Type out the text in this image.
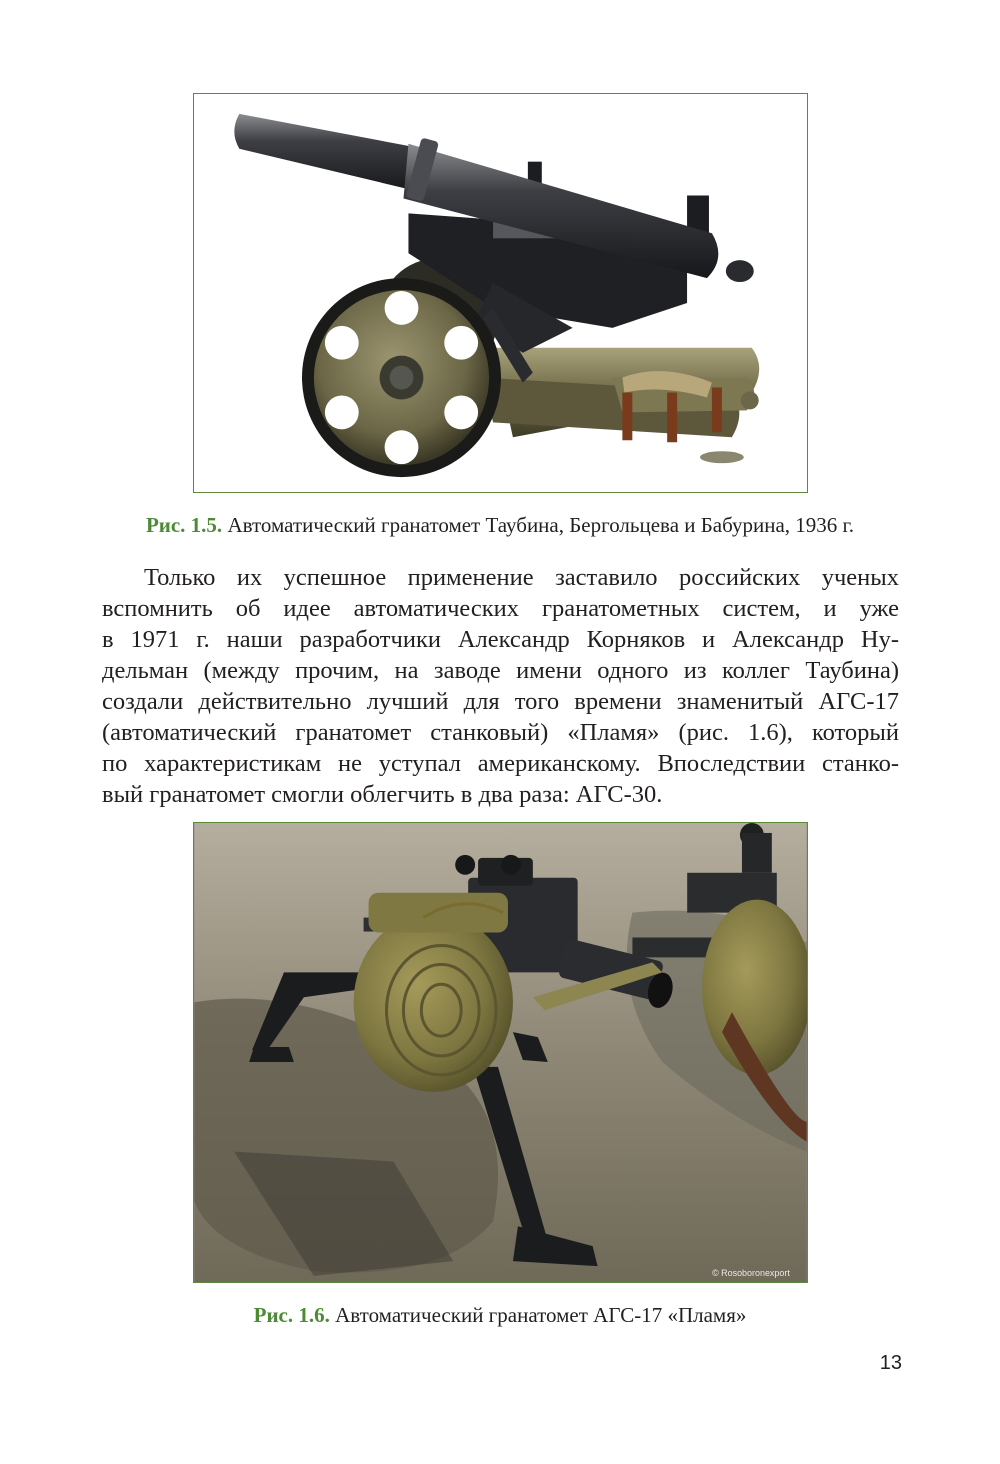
Рис. 1.5. Автоматический гранатомет Таубина, Бергольцева и Бабурина, 1936 г.
Только их успешное применение заставило российских ученых
вспомнить об идее автоматических гранатометных систем, и уже
в 1971 г. наши разработчики Александр Корняков и Александр Ну-
дельман (между прочим, на заводе имени одного из коллег Таубина)
создали действительно лучший для того времени знаменитый АГС-17
(автоматический гранатомет станковый) «Пламя» (рис. 1.6), который
по характеристикам не уступал американскому. Впоследствии станко-
вый гранатомет смогли облегчить в два раза: АГС-30.
© Rosoboronexport
Рис. 1.6. Автоматический гранатомет АГС-17 «Пламя»
13
